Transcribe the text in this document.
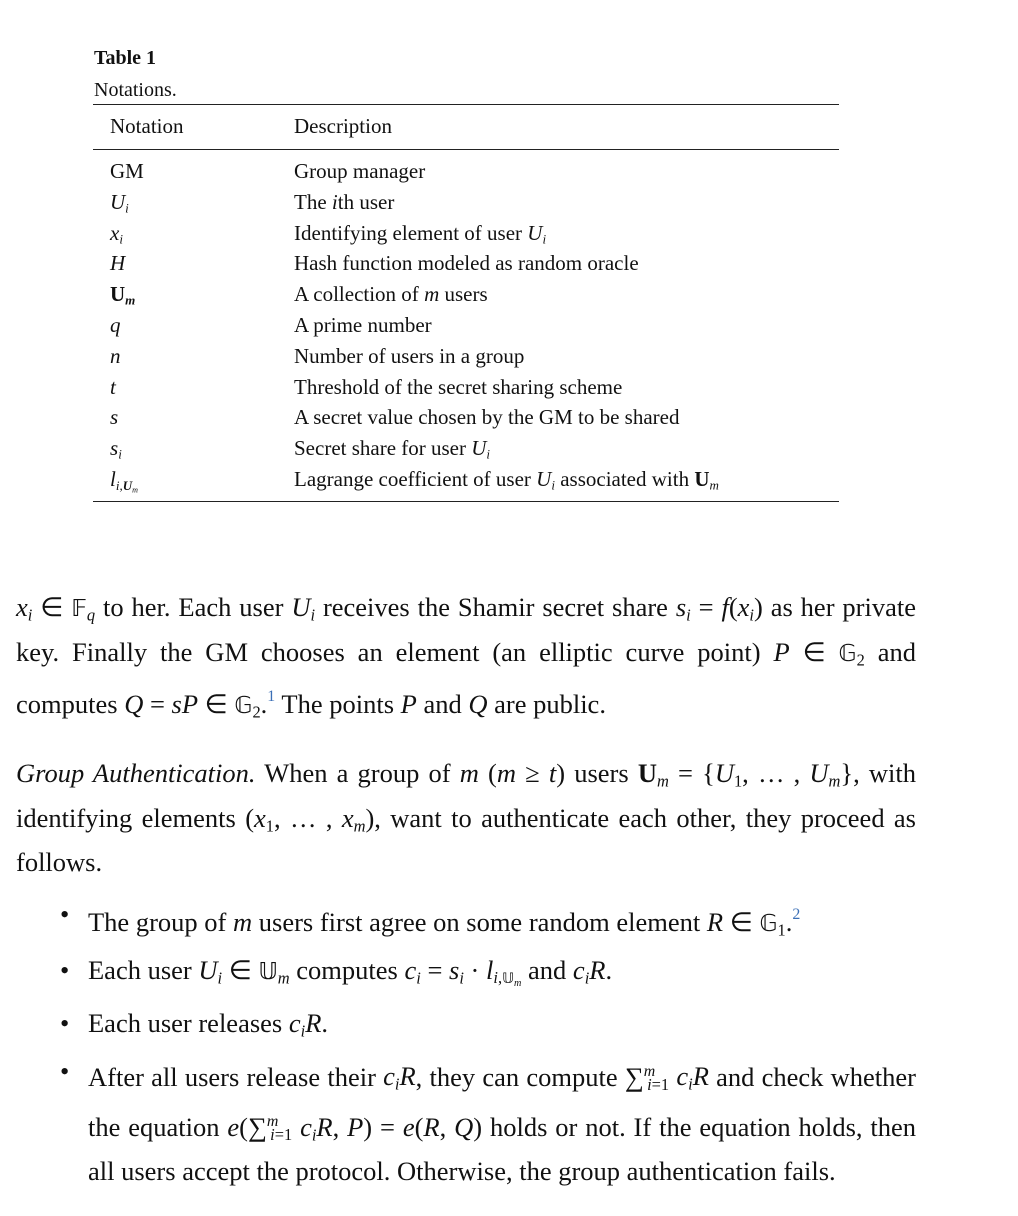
Table 1
Notations.
Notation	Description
GM	Group manager
$U_i$	The ith user
$x_i$	Identifying element of user $U_i$
H	Hash function modeled as random oracle
$U_m$	A collection of m users
q	A prime number
n	Number of users in a group
t	Threshold of the secret sharing scheme
s	A secret value chosen by the GM to be shared
$s_i$	Secret share for user $U_i$
$l_{i,U_m}$	Lagrange coefficient of user $U_i$ associated with $U_m$
$x_i$ ∈ 𝔽$_q$ to her. Each user $U_i$ receives the Shamir secret share $s_i = f(x_i)$ as her private key. Finally the GM chooses an element (an elliptic curve point) P ∈ 𝔾$_2$ and computes Q = sP ∈ 𝔾$_2$.$^1$ The points P and Q are public.
Group Authentication. When a group of m (m ≥ t) users $U_m = \{U_1$, … , $U_m$}, with identifying elements ($x_1$, … , $x_m$), want to authenticate each other, they proceed as follows.
• The group of m users first agree on some random element R ∈ 𝔾$_1$.$^2$
• Each user $U_i$ ∈ 𝕌$_m$ computes $c_i = s_i \cdot l_{i,𝕌_m}$ and $c_iR$.
• Each user releases $c_iR$.
• After all users release their $c_iR$, they can compute ∑$^m_{i=1}$ $c_iR$ and check whether the equation e(∑$^m_{i=1}$ $c_iR$, P) = e(R, Q) holds or not. If the equation holds, then all users accept the protocol. Otherwise, the group authentication fails.
